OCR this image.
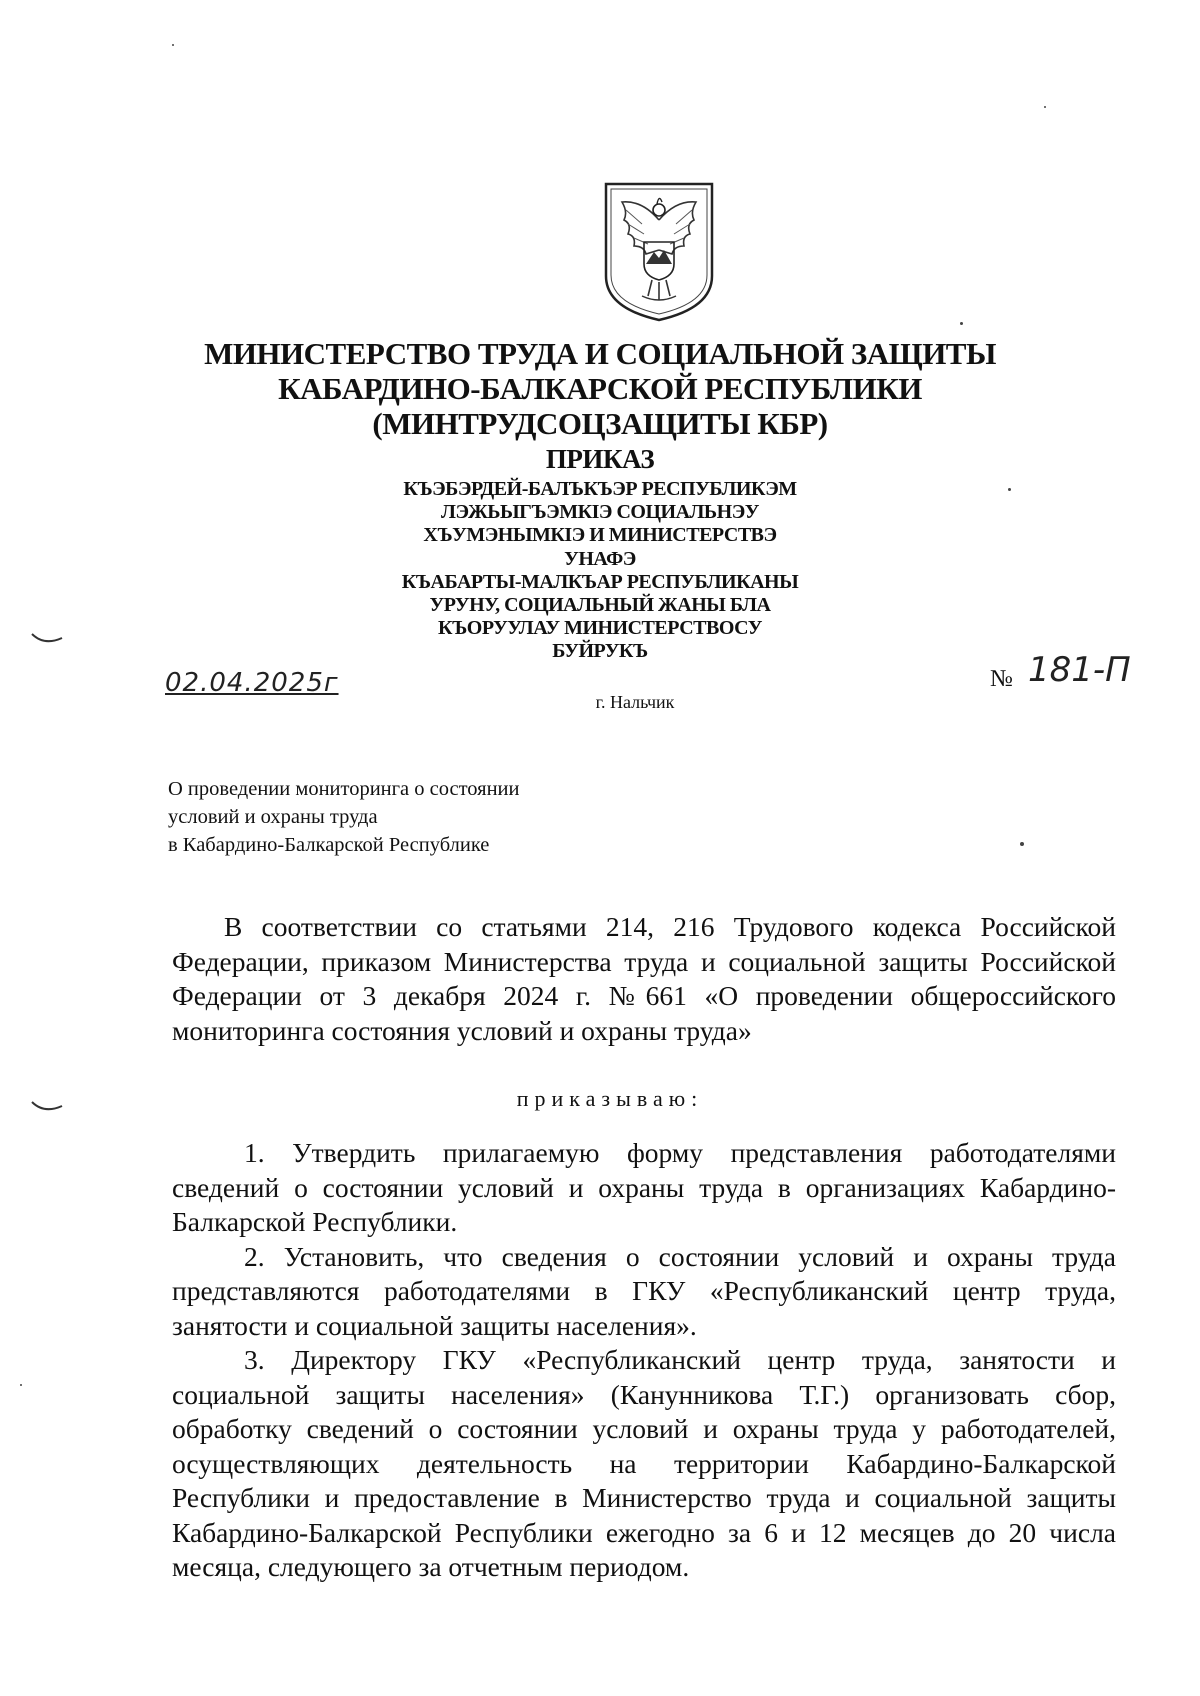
МИНИСТЕРСТВО ТРУДА И СОЦИАЛЬНОЙ ЗАЩИТЫ
КАБАРДИНО-БАЛКАРСКОЙ РЕСПУБЛИКИ
(МИНТРУДСОЦЗАЩИТЫ КБР)
ПРИКАЗ
КЪЭБЭРДЕЙ-БАЛЪКЪЭР РЕСПУБЛИКЭМ
ЛЭЖЬЫГЪЭМКIЭ СОЦИАЛЬНЭУ
ХЪУМЭНЫМКIЭ И МИНИСТЕРСТВЭ
УНАФЭ
КЪАБАРТЫ-МАЛКЪАР РЕСПУБЛИКАНЫ
УРУНУ, СОЦИАЛЬНЫЙ ЖАНЫ БЛА
КЪОРУУЛАУ МИНИСТЕРСТВОСУ
БУЙРУКЪ
02.04.2025г	№ 181-П
г. Нальчик
О проведении мониторинга о состоянии
условий и охраны труда
в Кабардино-Балкарской Республике
В соответствии со статьями 214, 216 Трудового кодекса Российской Федерации, приказом Министерства труда и социальной защиты Российской Федерации от 3 декабря 2024 г. №661 «О проведении общероссийского мониторинга состояния условий и охраны труда»
приказываю:

1. Утвердить прилагаемую форму представления работодателями сведений о состоянии условий и охраны труда в организациях Кабардино-Балкарской Республики.

2. Установить, что сведения о состоянии условий и охраны труда представляются работодателями в ГКУ «Республиканский центр труда, занятости и социальной защиты населения».

3. Директору ГКУ «Республиканский центр труда, занятости и социальной защиты населения» (Канунникова Т.Г.) организовать сбор, обработку сведений о состоянии условий и охраны труда у работодателей, осуществляющих деятельность на территории Кабардино-Балкарской Республики и предоставление в Министерство труда и социальной защиты Кабардино-Балкарской Республики ежегодно за 6 и 12 месяцев до 20 числа месяца, следующего за отчетным периодом.
